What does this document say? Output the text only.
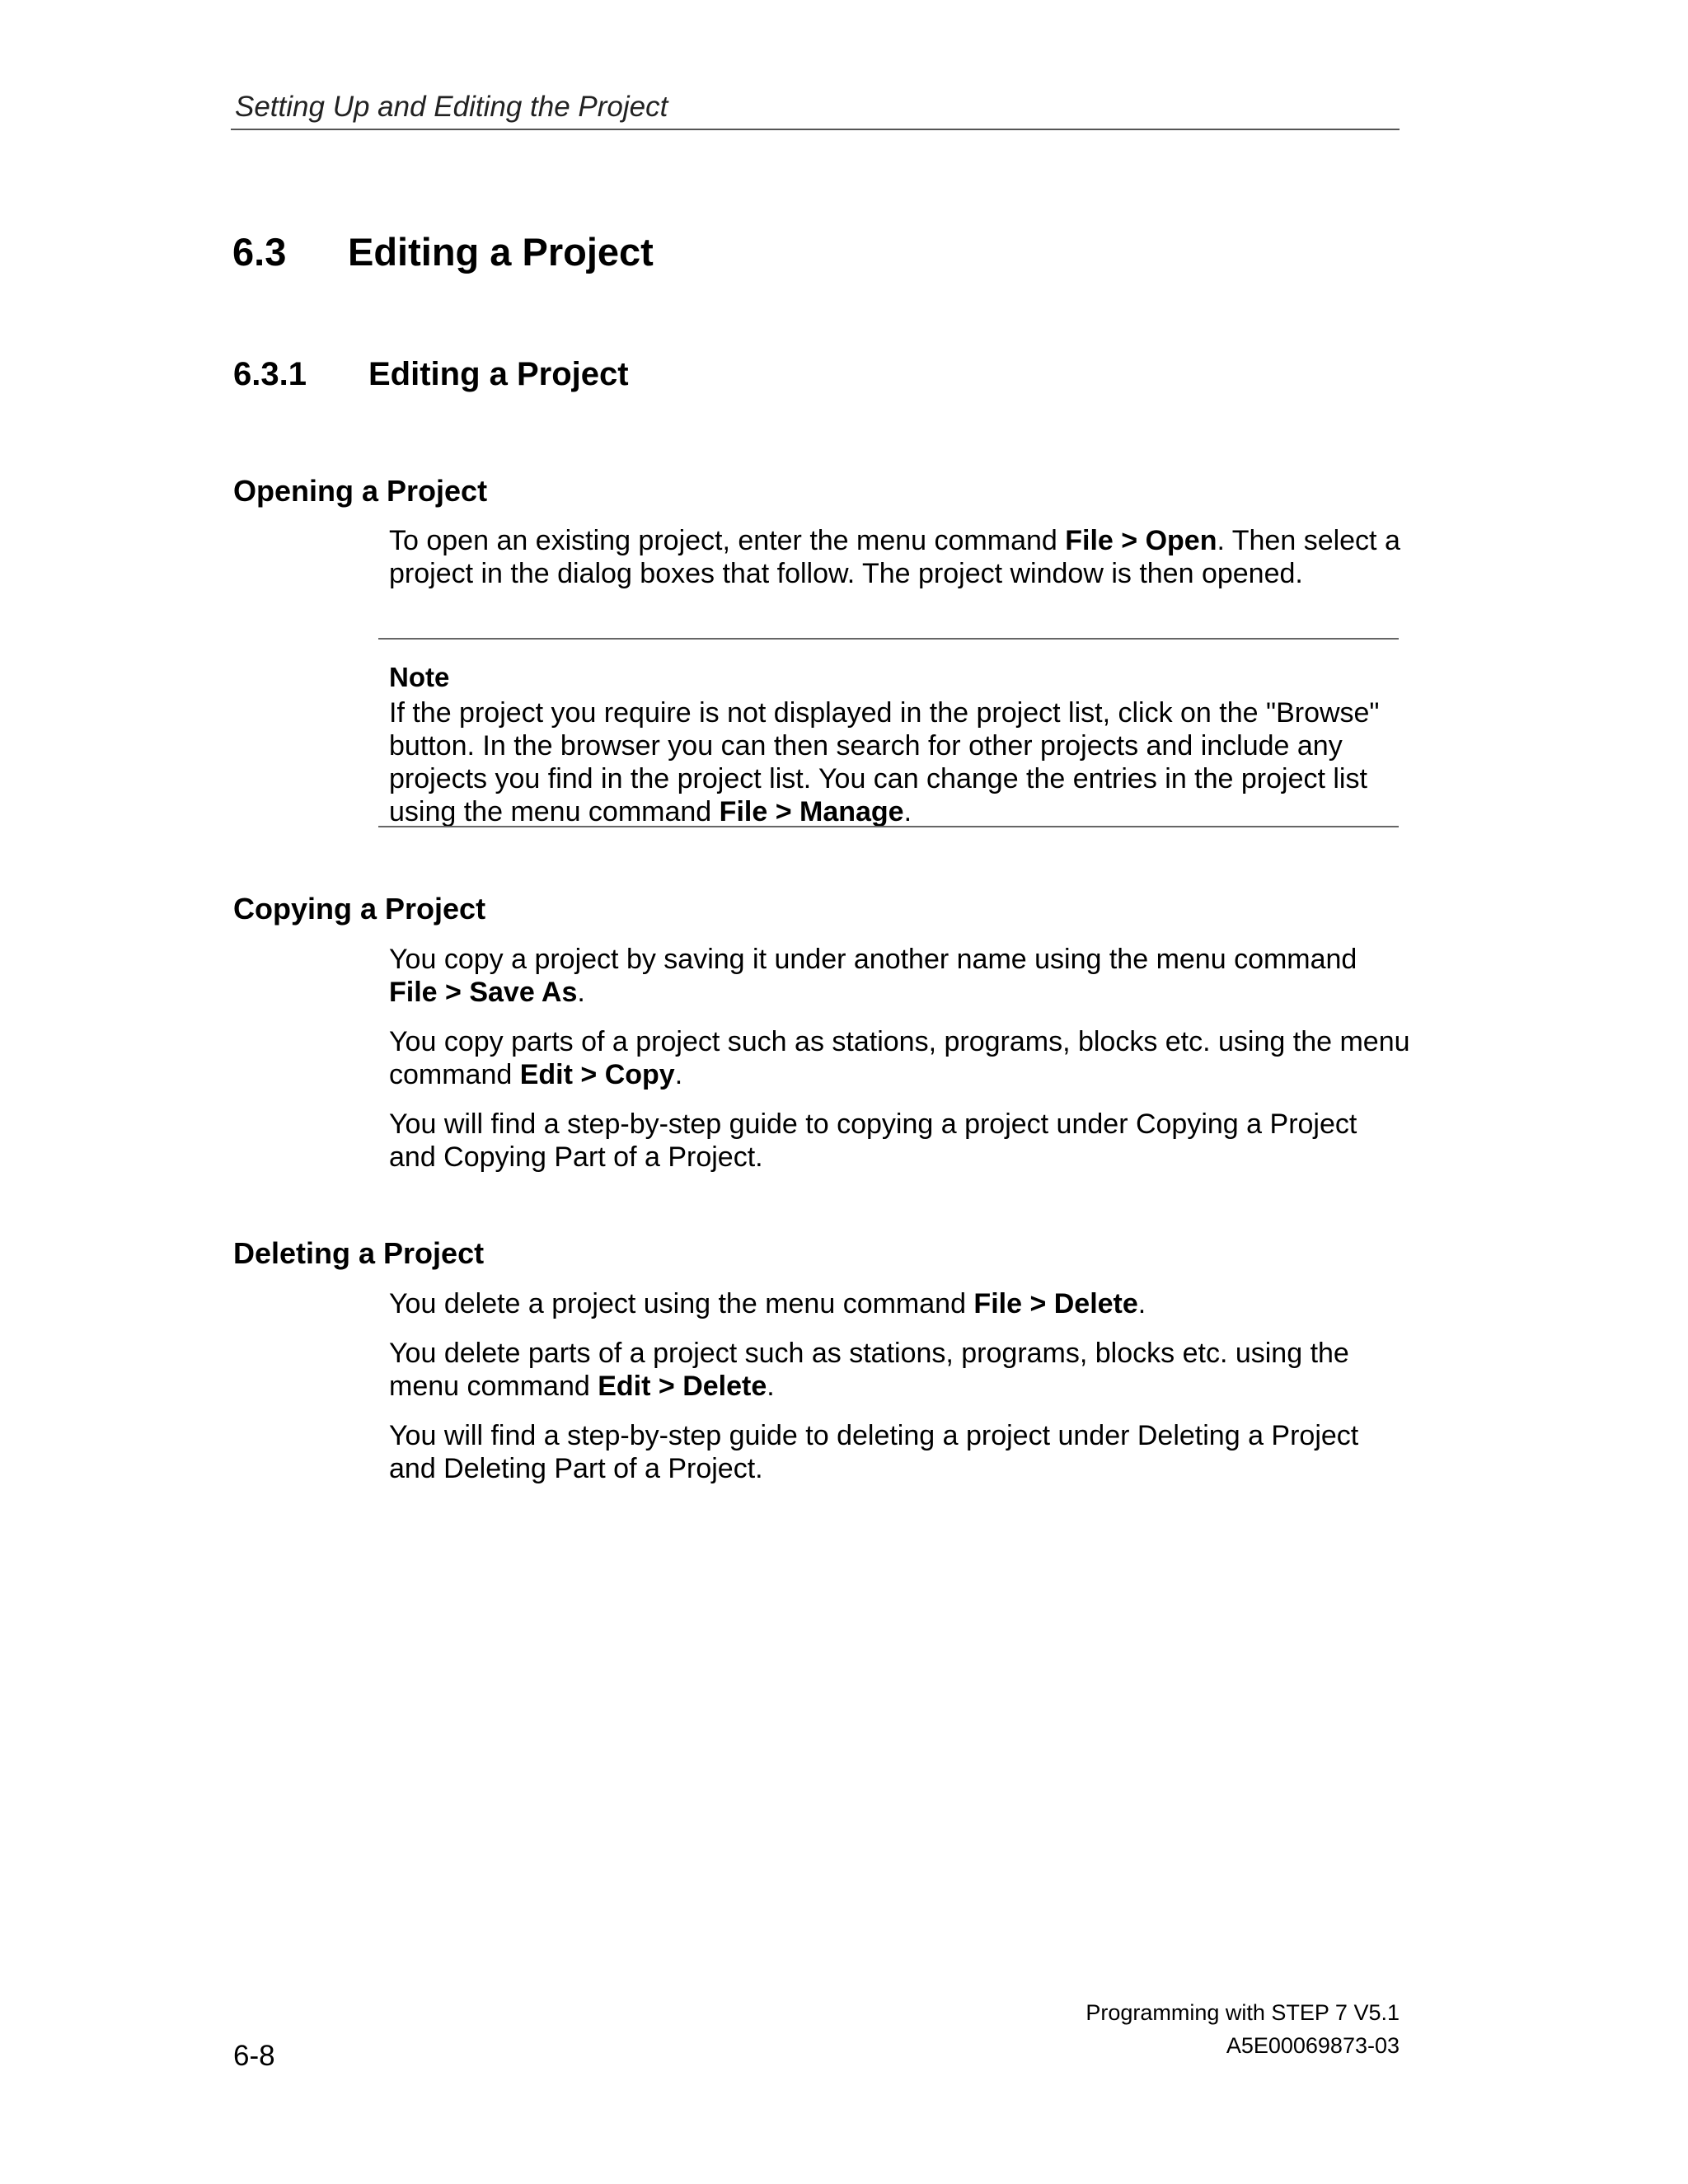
Setting Up and Editing the Project
6.3 Editing a Project
6.3.1 Editing a Project
Opening a Project
To open an existing project, enter the menu command File > Open. Then select a project in the dialog boxes that follow. The project window is then opened.
Note
If the project you require is not displayed in the project list, click on the "Browse" button. In the browser you can then search for other projects and include any projects you find in the project list. You can change the entries in the project list using the menu command File > Manage.
Copying a Project
You copy a project by saving it under another name using the menu command File > Save As.
You copy parts of a project such as stations, programs, blocks etc. using the menu command Edit > Copy.
You will find a step-by-step guide to copying a project under Copying a Project and Copying Part of a Project.
Deleting a Project
You delete a project using the menu command File > Delete.
You delete parts of a project such as stations, programs, blocks etc. using the menu command Edit > Delete.
You will find a step-by-step guide to deleting a project under Deleting a Project and Deleting Part of a Project.
6-8
Programming with STEP 7 V5.1
A5E00069873-03
